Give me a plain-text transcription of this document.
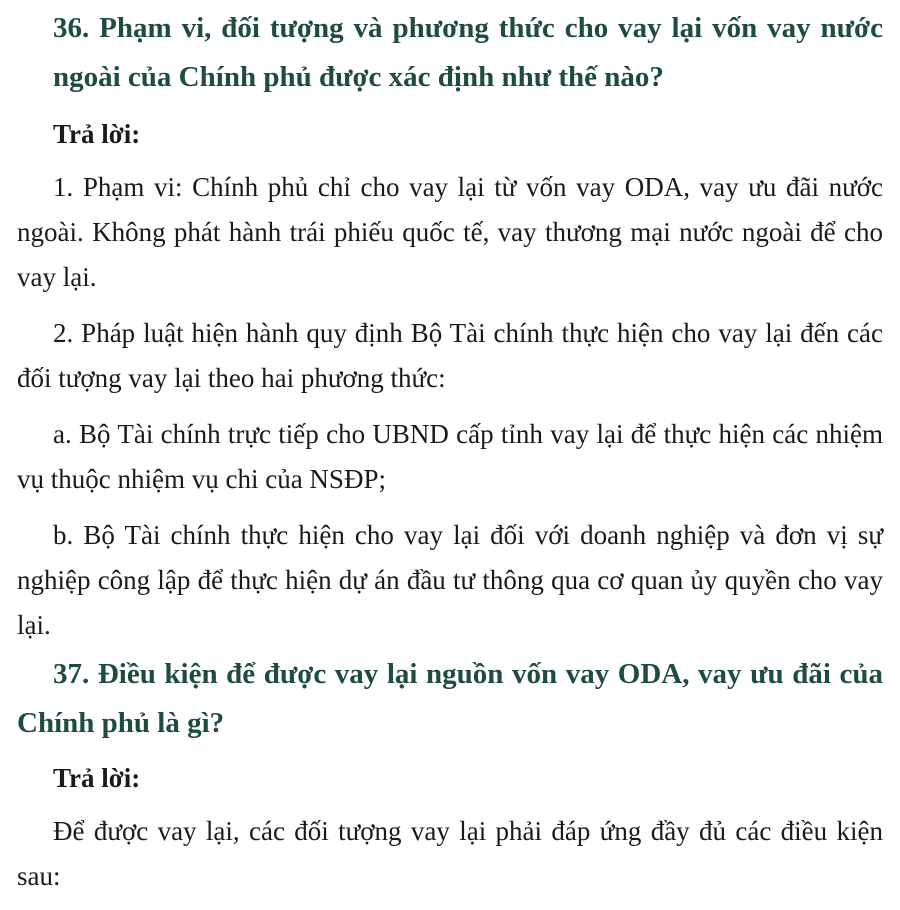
36. Phạm vi, đối tượng và phương thức cho vay lại vốn vay nước ngoài của Chính phủ được xác định như thế nào?

Trả lời:

1. Phạm vi: Chính phủ chỉ cho vay lại từ vốn vay ODA, vay ưu đãi nước ngoài. Không phát hành trái phiếu quốc tế, vay thương mại nước ngoài để cho vay lại.

2. Pháp luật hiện hành quy định Bộ Tài chính thực hiện cho vay lại đến các đối tượng vay lại theo hai phương thức:

a. Bộ Tài chính trực tiếp cho UBND cấp tỉnh vay lại để thực hiện các nhiệm vụ thuộc nhiệm vụ chi của NSĐP;

b. Bộ Tài chính thực hiện cho vay lại đối với doanh nghiệp và đơn vị sự nghiệp công lập để thực hiện dự án đầu tư thông qua cơ quan ủy quyền cho vay lại.

37. Điều kiện để được vay lại nguồn vốn vay ODA, vay ưu đãi của Chính phủ là gì?

Trả lời:

Để được vay lại, các đối tượng vay lại phải đáp ứng đầy đủ các điều kiện sau:
